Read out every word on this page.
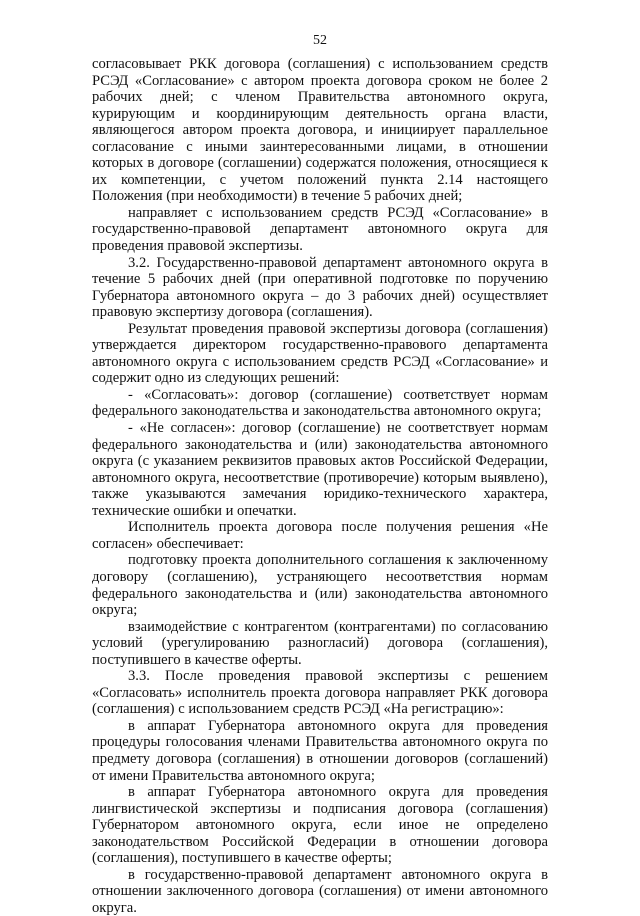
52

согласовывает РКК договора (соглашения) с использованием средств РСЭД «Согласование» с автором проекта договора сроком не более 2 рабочих дней; с членом Правительства автономного округа, курирующим и координирующим деятельность органа власти, являющегося автором проекта договора, и инициирует параллельное согласование с иными заинтересованными лицами, в отношении которых в договоре (соглашении) содержатся положения, относящиеся к их компетенции, с учетом положений пункта 2.14 настоящего Положения (при необходимости) в течение 5 рабочих дней;

направляет с использованием средств РСЭД «Согласование» в государственно-правовой департамент автономного округа для проведения правовой экспертизы.

3.2. Государственно-правовой департамент автономного округа в течение 5 рабочих дней (при оперативной подготовке по поручению Губернатора автономного округа – до 3 рабочих дней) осуществляет правовую экспертизу договора (соглашения).

Результат проведения правовой экспертизы договора (соглашения) утверждается директором государственно-правового департамента автономного округа с использованием средств РСЭД «Согласование» и содержит одно из следующих решений:

- «Согласовать»: договор (соглашение) соответствует нормам федерального законодательства и законодательства автономного округа;

- «Не согласен»: договор (соглашение) не соответствует нормам федерального законодательства и (или) законодательства автономного округа (с указанием реквизитов правовых актов Российской Федерации, автономного округа, несоответствие (противоречие) которым выявлено), также указываются замечания юридико-технического характера, технические ошибки и опечатки.

Исполнитель проекта договора после получения решения «Не согласен» обеспечивает:

подготовку проекта дополнительного соглашения к заключенному договору (соглашению), устраняющего несоответствия нормам федерального законодательства и (или) законодательства автономного округа;

взаимодействие с контрагентом (контрагентами) по согласованию условий (урегулированию разногласий) договора (соглашения), поступившего в качестве оферты.

3.3. После проведения правовой экспертизы с решением «Согласовать» исполнитель проекта договора направляет РКК договора (соглашения) с использованием средств РСЭД «На регистрацию»:

в аппарат Губернатора автономного округа для проведения процедуры голосования членами Правительства автономного округа по предмету договора (соглашения) в отношении договоров (соглашений) от имени Правительства автономного округа;

в аппарат Губернатора автономного округа для проведения лингвистической экспертизы и подписания договора (соглашения) Губернатором автономного округа, если иное не определено законодательством Российской Федерации в отношении договора (соглашения), поступившего в качестве оферты;

в государственно-правовой департамент автономного округа в отношении заключенного договора (соглашения) от имени автономного округа.
